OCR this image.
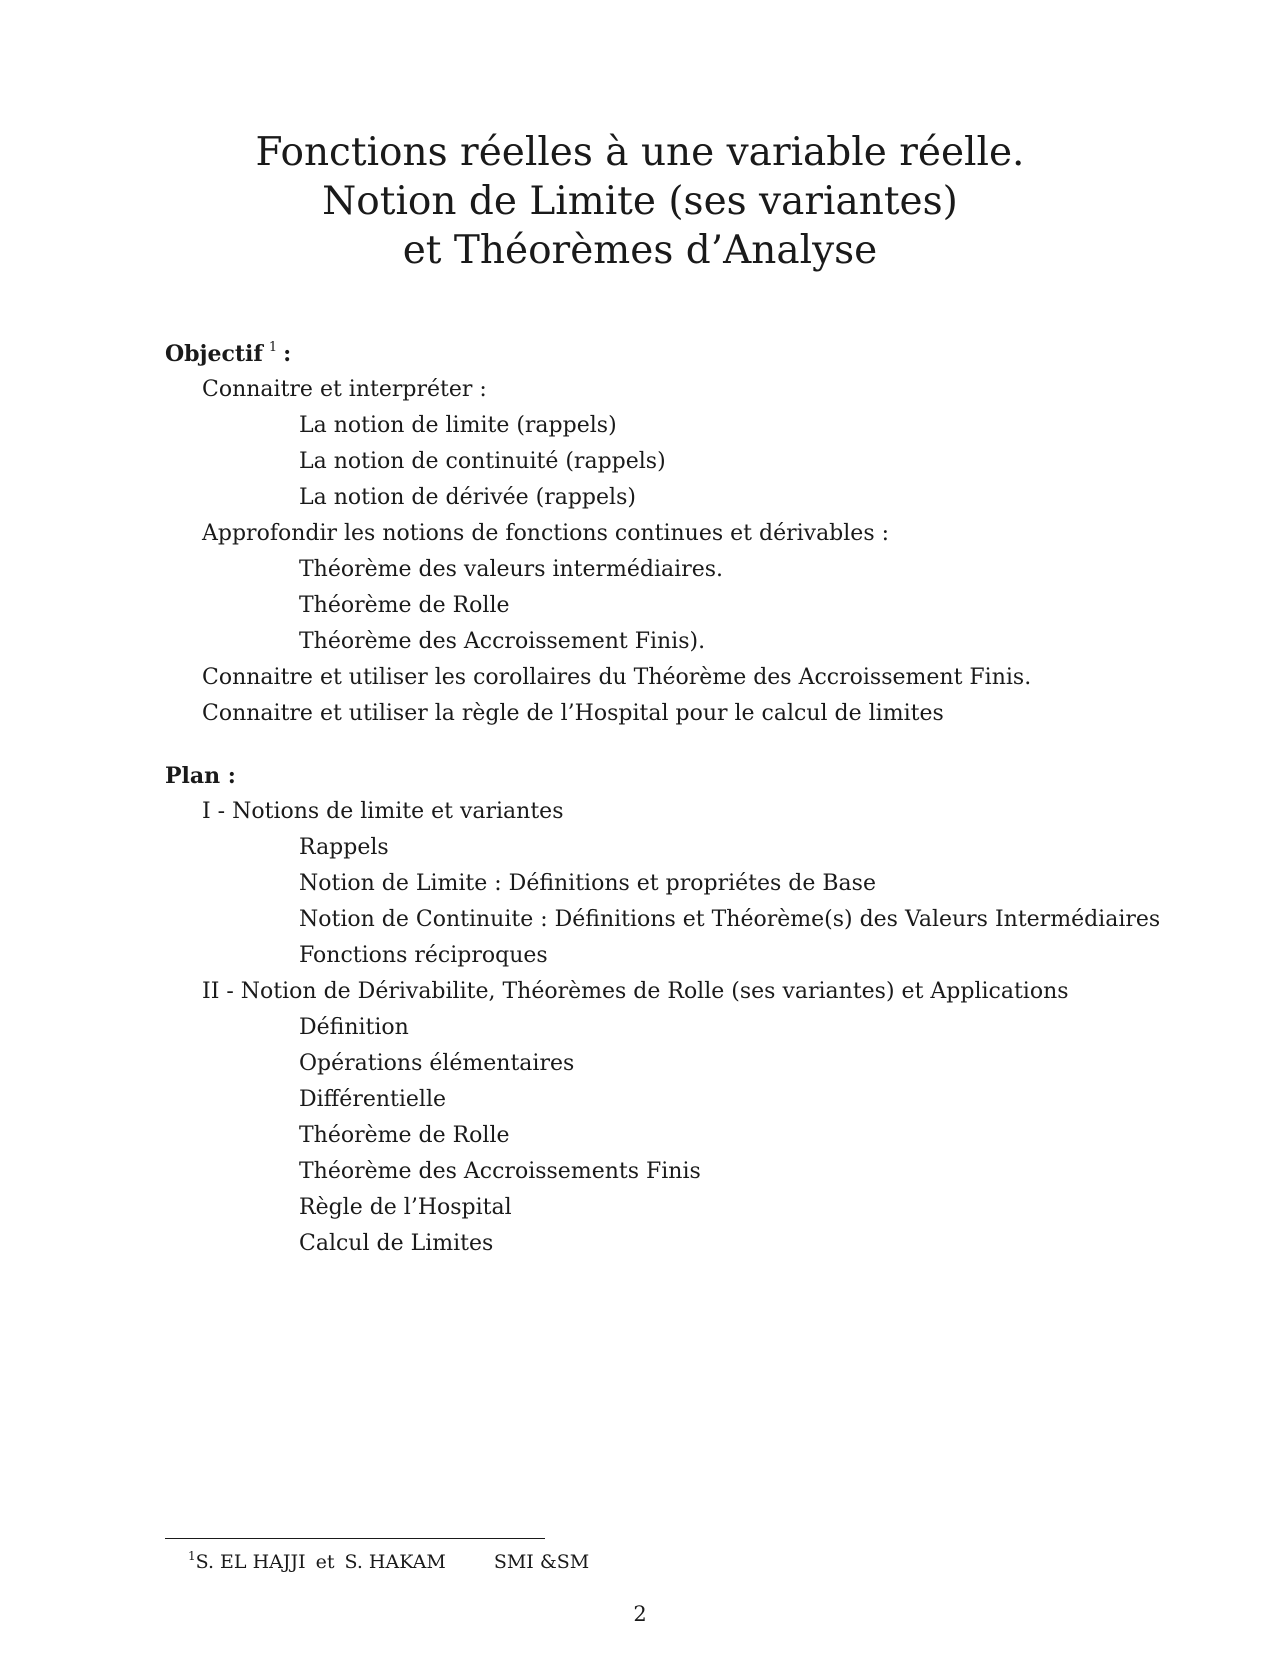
Fonctions réelles à une variable réelle.
Notion de Limite (ses variantes)
et Théorèmes d’Analyse
Objectif $^1$ :
Connaitre et interpréter :
La notion de limite (rappels)
La notion de continuité (rappels)
La notion de dérivée (rappels)
Approfondir les notions de fonctions continues et dérivables :
Théorème des valeurs intermédiaires.
Théorème de Rolle
Théorème des Accroissement Finis).
Connaitre et utiliser les corollaires du Théorème des Accroissement Finis.
Connaitre et utiliser la règle de l’Hospital pour le calcul de limites
Plan :
I - Notions de limite et variantes
Rappels
Notion de Limite : Définitions et propriétes de Base
Notion de Continuite : Définitions et Théorème(s) des Valeurs Intermédiaires
Fonctions réciproques
II - Notion de Dérivabilite, Théorèmes de Rolle (ses variantes) et Applications
Définition
Opérations élémentaires
Différentielle
Théorème de Rolle
Théorème des Accroissements Finis
Règle de l’Hospital
Calcul de Limites
$^1$S. EL HAJJI et S. HAKAM	SMI &SM
2
